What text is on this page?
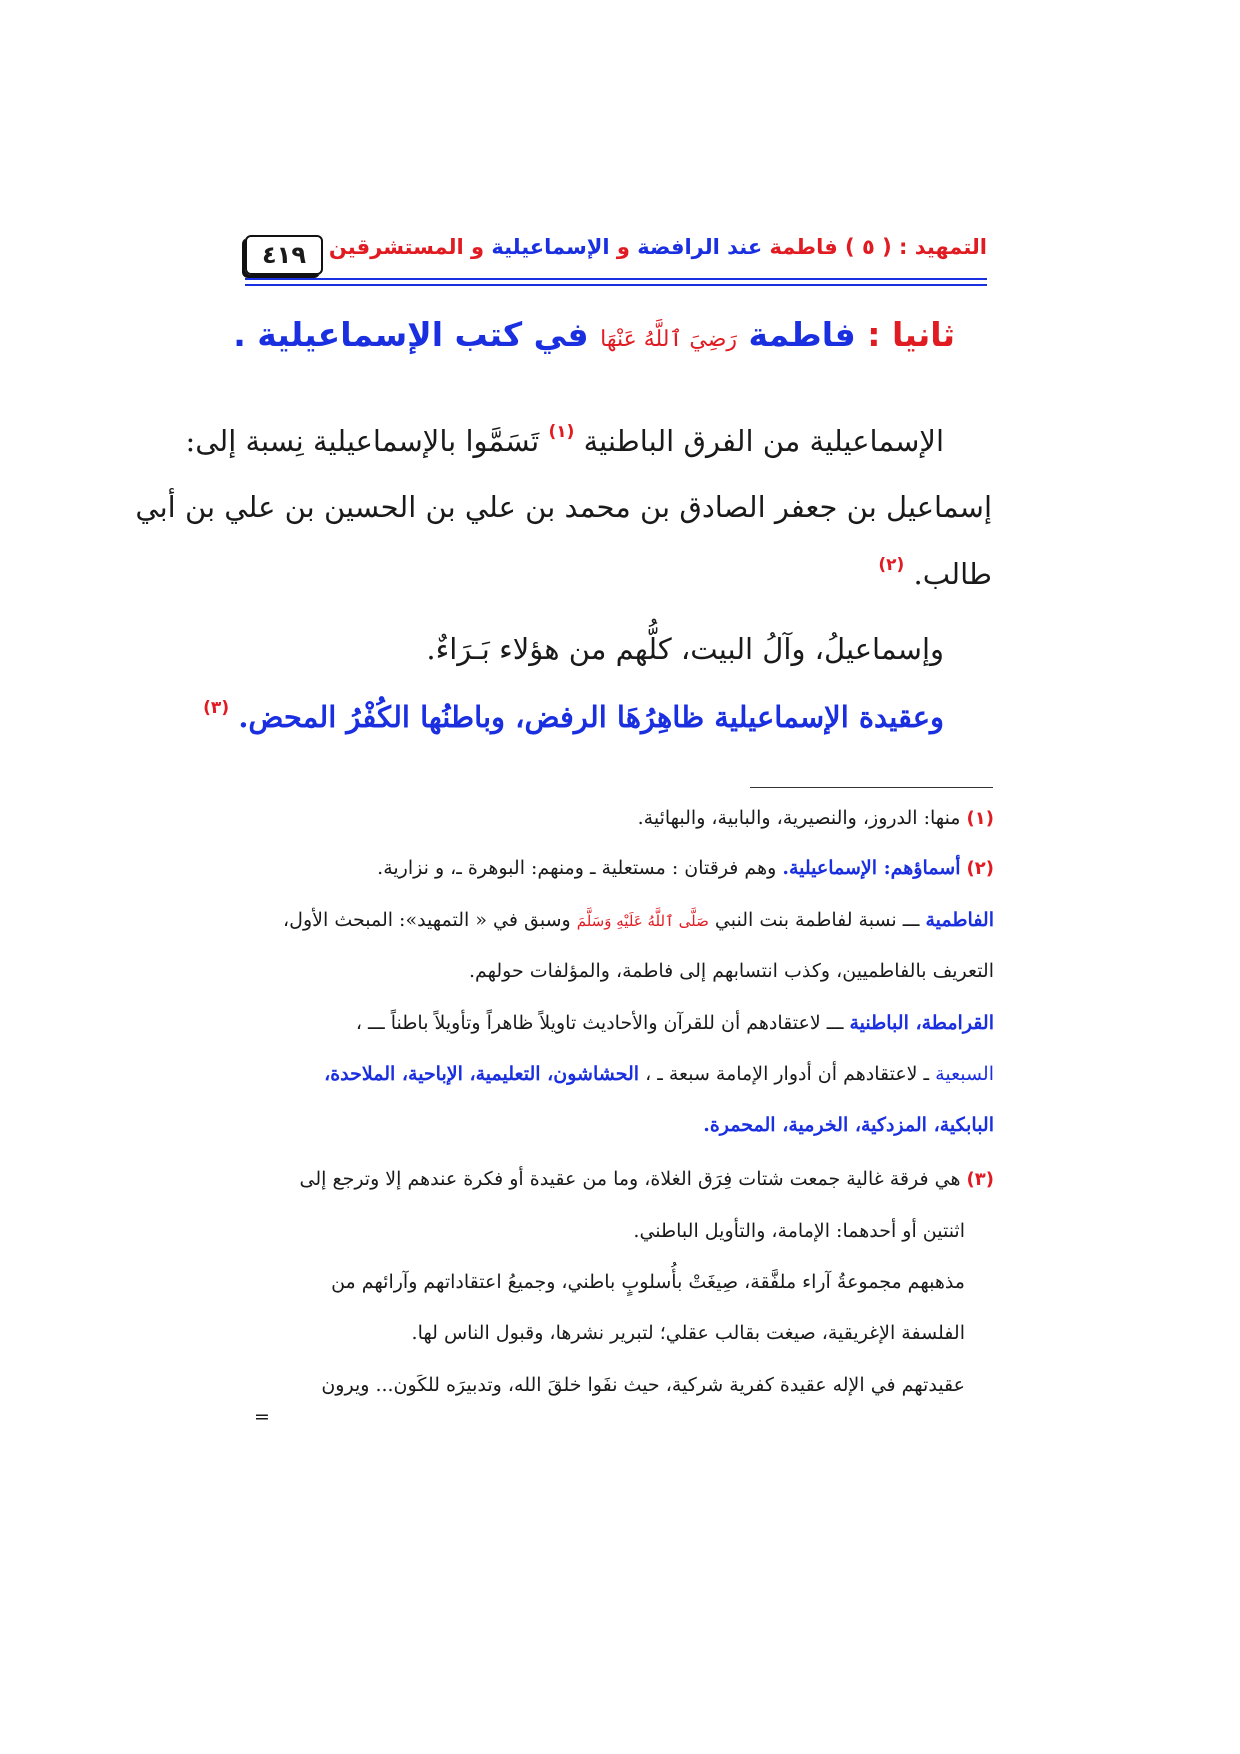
٤١٩	التمهيد : ( ٥ ) فاطمة عند الرافضة و الإسماعيلية و المستشرقين
ثانيا : فاطمة رَضِيَ ٱللَّهُ عَنْهَا في كتب الإسماعيلية .
الإسماعيلية من الفرق الباطنية $^{(١)}$ تَسَمَّوا بالإسماعيلية نِسبة إلى:
إسماعيل بن جعفر الصادق بن محمد بن علي بن الحسين بن علي بن أبي
طالب. $^{(٢)}$
وإسماعيلُ، وآلُ البيت، كلُّهم من هؤلاء بَـرَاءٌ.
وعقيدة الإسماعيلية ظاهِرُهَا الرفض، وباطنُها الكُفْرُ المحض. $^{(٣)}$
(١) منها: الدروز، والنصيرية، والبابية، والبهائية.
(٢) أسماؤهم: الإسماعيلية. وهم فرقتان : مستعلية ـ ومنهم: البوهرة ـ، و نزارية.
الفاطمية ـــ نسبة لفاطمة بنت النبي صَلَّى ٱللَّهُ عَلَيْهِ وَسَلَّمَ وسبق في « التمهيد»: المبحث الأول،
التعريف بالفاطميين، وكذب انتسابهم إلى فاطمة، والمؤلفات حولهم.
القرامطة، الباطنية ـــ لاعتقادهم أن للقرآن والأحاديث تاويلاً ظاهراً وتأويلاً باطناً ـــ ،
السبعية ـ لاعتقادهم أن أدوار الإمامة سبعة ـ ، الحشاشون، التعليمية، الإباحية، الملاحدة،
البابكية، المزدكية، الخرمية، المحمرة.
(٣) هي فرقة غالية جمعت شتات فِرَق الغلاة، وما من عقيدة أو فكرة عندهم إلا وترجع إلى
اثنتين أو أحدهما: الإمامة، والتأويل الباطني.
مذهبهم مجموعةُ آراء ملفَّقة، صِيغَتْ بأُسلوبٍ باطني، وجميعُ اعتقاداتهم وآرائهم من
الفلسفة الإغريقية، صيغت بقالب عقلي؛ لتبرير نشرها، وقبول الناس لها.
عقيدتهم في الإله عقيدة كفرية شركية، حيث نفَوا خلقَ الله، وتدبيرَه للكَون... ويرون
=
